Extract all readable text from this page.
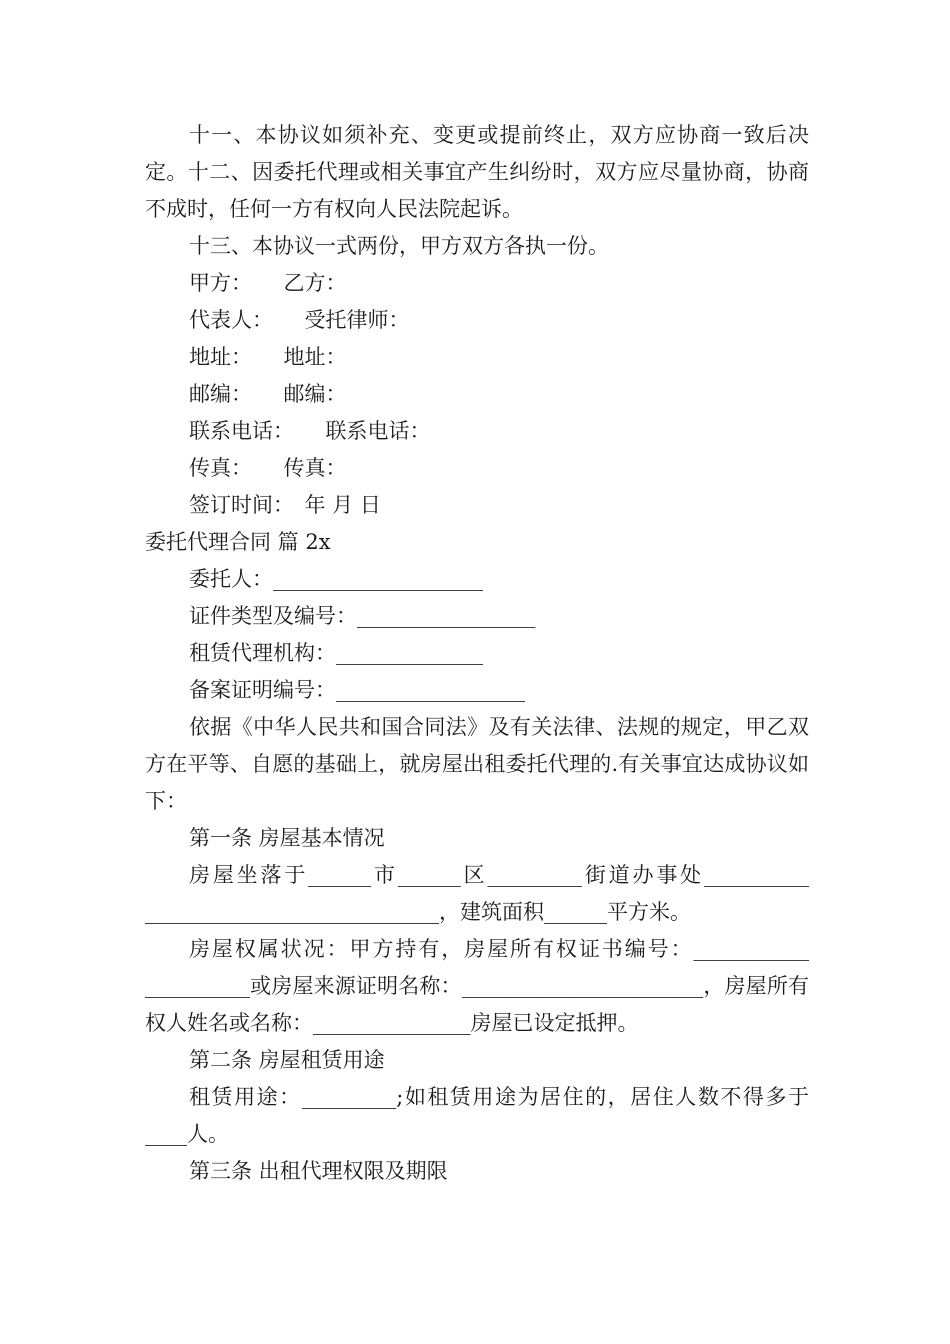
十一、本协议如须补充、变更或提前终止，双方应协商一致后决定。十二、因委托代理或相关事宜产生纠纷时，双方应尽量协商，协商不成时，任何一方有权向人民法院起诉。

十三、本协议一式两份，甲方双方各执一份。

甲方：　　乙方：

代表人：　　受托律师：

地址：　　地址：

邮编：　　邮编：

联系电话：　　联系电话：

传真：　　传真：

签订时间：　年 月 日

委托代理合同 篇 2x

委托人：____________________

证件类型及编号：_________________

租赁代理机构：______________

备案证明编号：__________________

依据《中华人民共和国合同法》及有关法律、法规的规定，甲乙双方在平等、自愿的基础上，就房屋出租委托代理的.有关事宜达成协议如下：

第一条 房屋基本情况

房屋坐落于______市______区_________街道办事处__________ ____________________________，建筑面积______平方米。

房屋权属状况：甲方持有，房屋所有权证书编号：___________ __________或房屋来源证明名称：_______________________，房屋所有权人姓名或名称：_______________房屋已设定抵押。

第二条 房屋租赁用途

租赁用途：_________;如租赁用途为居住的，居住人数不得多于____人。

第三条 出租代理权限及期限
